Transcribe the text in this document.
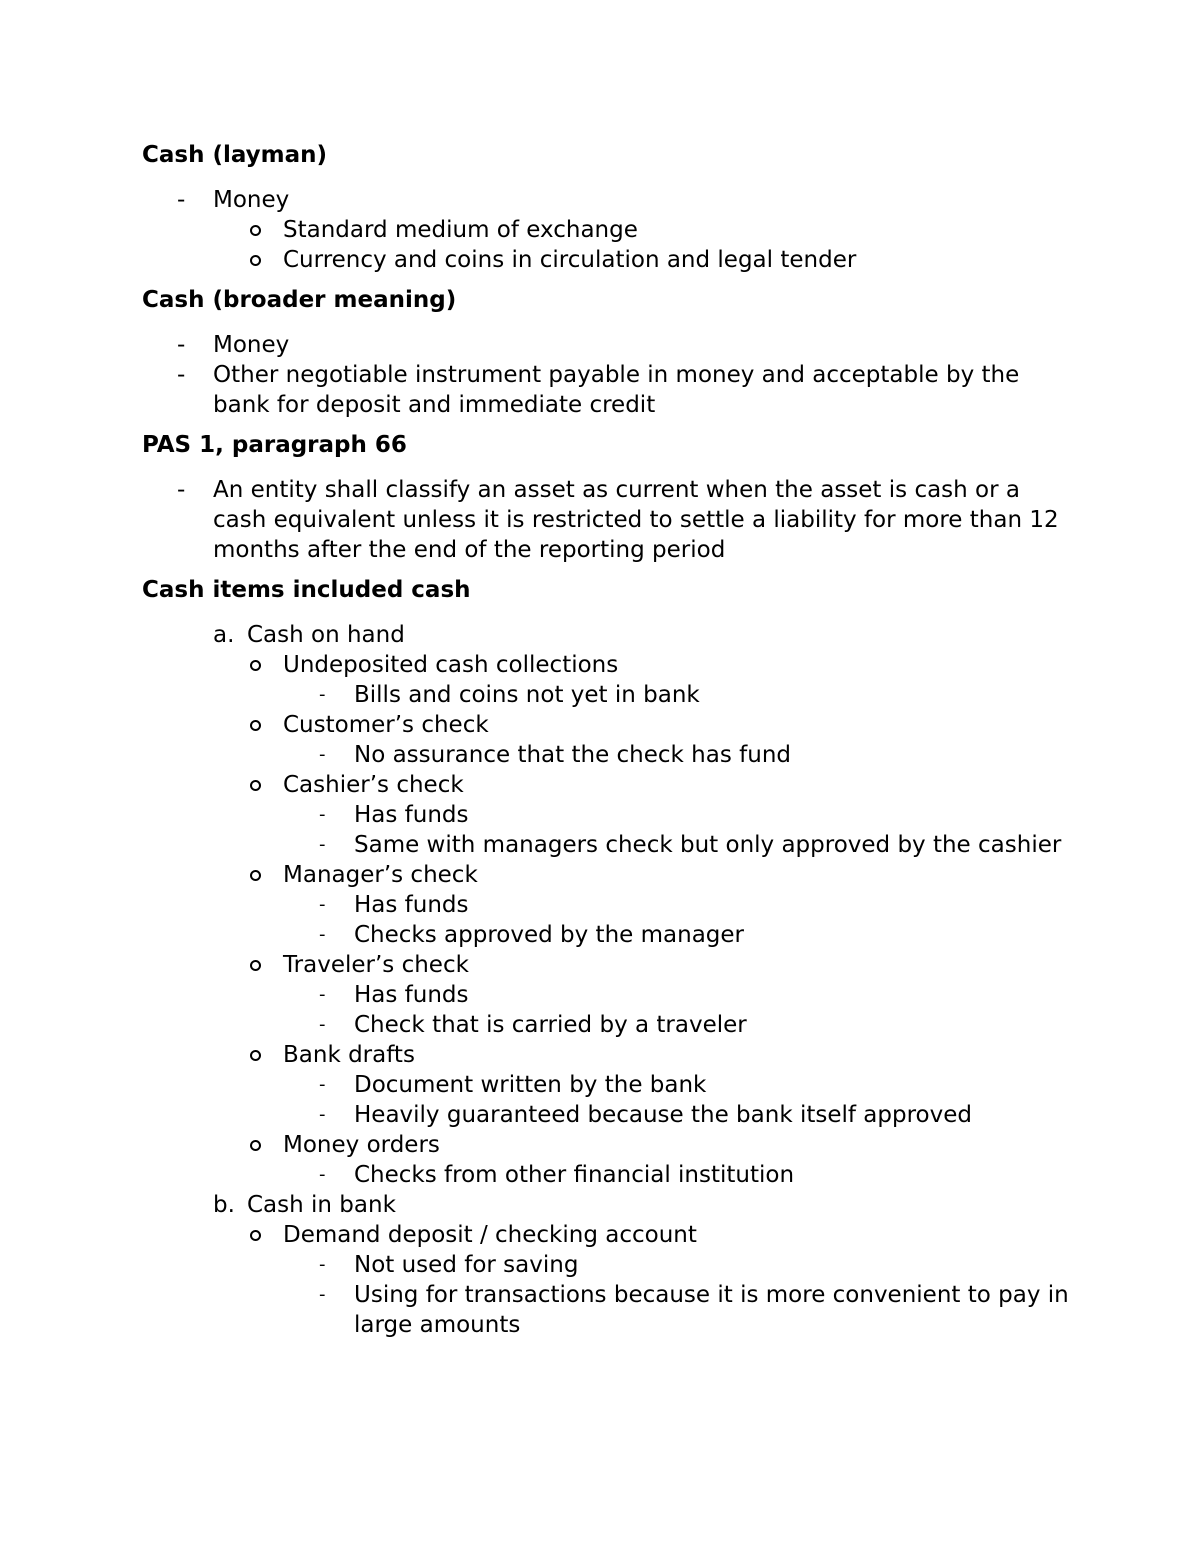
Cash (layman)
- Money
Standard medium of exchange
Currency and coins in circulation and legal tender
Cash (broader meaning)
- Money
- Other negotiable instrument payable in money and acceptable by the bank for deposit and immediate credit
PAS 1, paragraph 66
- An entity shall classify an asset as current when the asset is cash or a cash equivalent unless it is restricted to settle a liability for more than 12 months after the end of the reporting period
Cash items included cash
a. Cash on hand
Undeposited cash collections
- Bills and coins not yet in bank
Customer’s check
- No assurance that the check has fund
Cashier’s check
- Has funds
- Same with managers check but only approved by the cashier
Manager’s check
- Has funds
- Checks approved by the manager
Traveler’s check
- Has funds
- Check that is carried by a traveler
Bank drafts
- Document written by the bank
- Heavily guaranteed because the bank itself approved
Money orders
- Checks from other financial institution
b. Cash in bank
Demand deposit / checking account
- Not used for saving
- Using for transactions because it is more convenient to pay in large amounts
